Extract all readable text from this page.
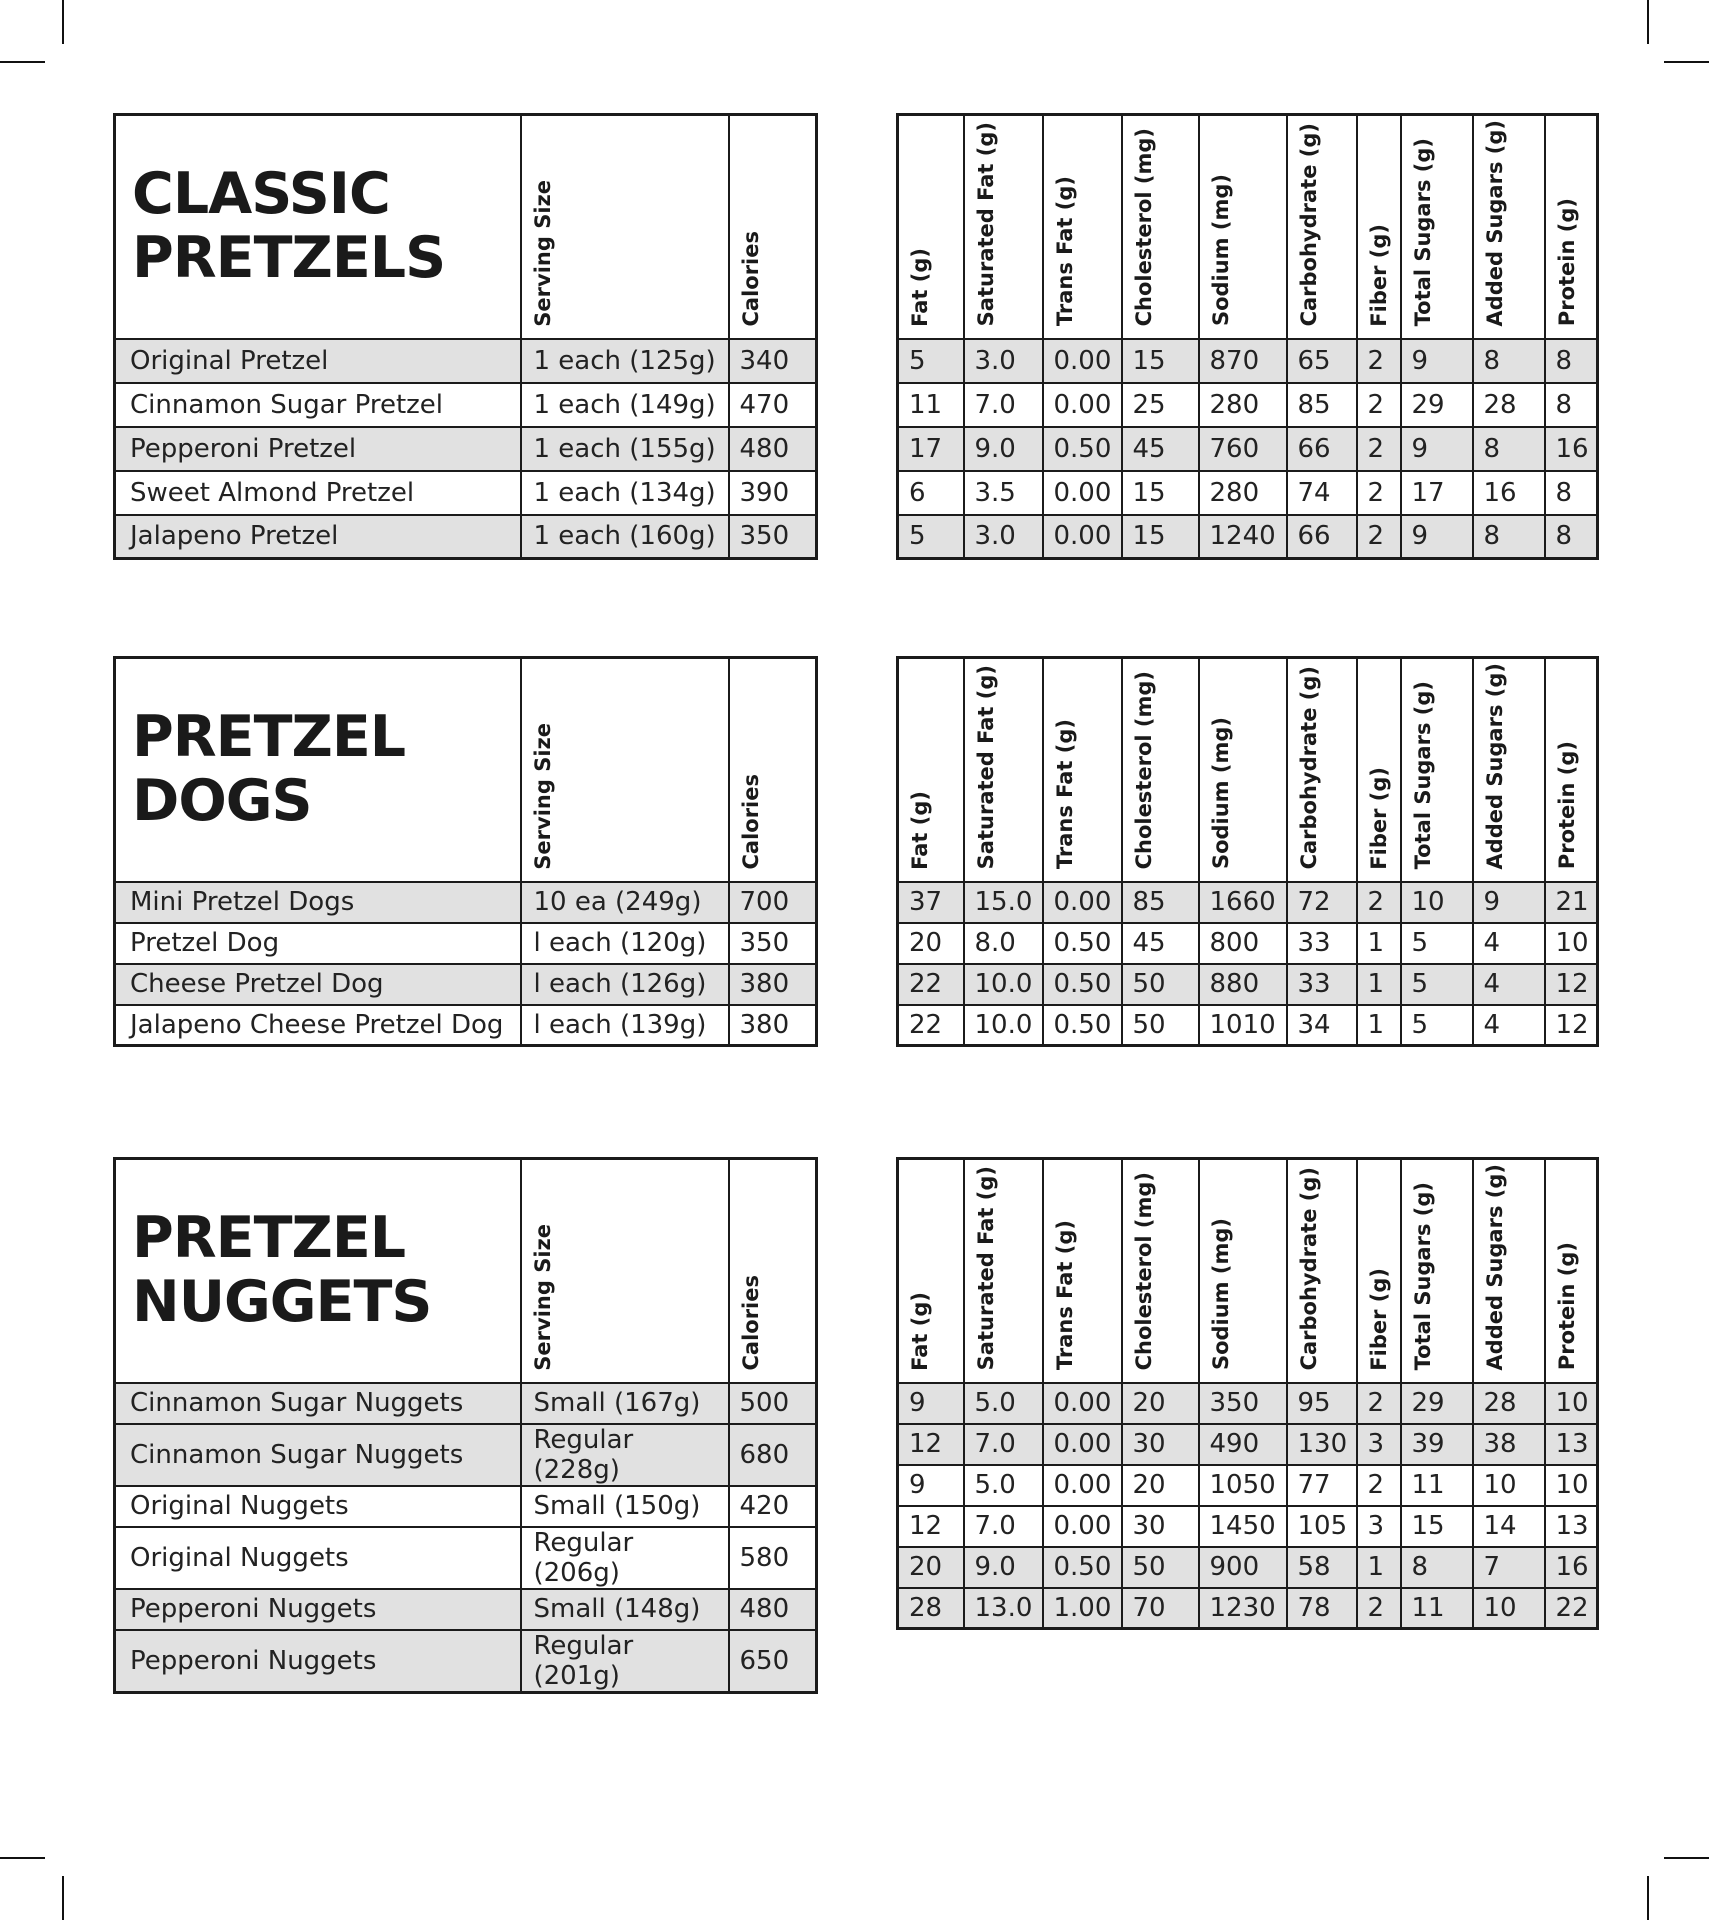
CLASSIC
PRETZELS	Serving Size	Calories

Original Pretzel	1 each (125g)	340
Cinnamon Sugar Pretzel	1 each (149g)	470
Pepperoni Pretzel	1 each (155g)	480
Sweet Almond Pretzel	1 each (134g)	390
Jalapeno Pretzel	1 each (160g)	350
Fat (g)	Saturated Fat (g)	Trans Fat (g)	Cholesterol (mg)	Sodium (mg)	Carbohydrate (g)	Fiber (g)	Total Sugars (g)	Added Sugars (g)	Protein (g)

5	3.0	0.00	15	870	65	2	9	8	8
11	7.0	0.00	25	280	85	2	29	28	8
17	9.0	0.50	45	760	66	2	9	8	16
6	3.5	0.00	15	280	74	2	17	16	8
5	3.0	0.00	15	1240	66	2	9	8	8
PRETZEL
DOGS	Serving Size	Calories

Mini Pretzel Dogs	10 ea (249g)	700
Pretzel Dog	l each (120g)	350
Cheese Pretzel Dog	l each (126g)	380
Jalapeno Cheese Pretzel Dog	l each (139g)	380
Fat (g)	Saturated Fat (g)	Trans Fat (g)	Cholesterol (mg)	Sodium (mg)	Carbohydrate (g)	Fiber (g)	Total Sugars (g)	Added Sugars (g)	Protein (g)

37	15.0	0.00	85	1660	72	2	10	9	21
20	8.0	0.50	45	800	33	1	5	4	10
22	10.0	0.50	50	880	33	1	5	4	12
22	10.0	0.50	50	1010	34	1	5	4	12
PRETZEL
NUGGETS	Serving Size	Calories

Cinnamon Sugar Nuggets	Small (167g)	500
Cinnamon Sugar Nuggets	Regular (228g)	680
Original Nuggets	Small (150g)	420
Original Nuggets	Regular (206g)	580
Pepperoni Nuggets	Small (148g)	480
Pepperoni Nuggets	Regular (201g)	650
Fat (g)	Saturated Fat (g)	Trans Fat (g)	Cholesterol (mg)	Sodium (mg)	Carbohydrate (g)	Fiber (g)	Total Sugars (g)	Added Sugars (g)	Protein (g)

9	5.0	0.00	20	350	95	2	29	28	10
12	7.0	0.00	30	490	130	3	39	38	13
9	5.0	0.00	20	1050	77	2	11	10	10
12	7.0	0.00	30	1450	105	3	15	14	13
20	9.0	0.50	50	900	58	1	8	7	16
28	13.0	1.00	70	1230	78	2	11	10	22
